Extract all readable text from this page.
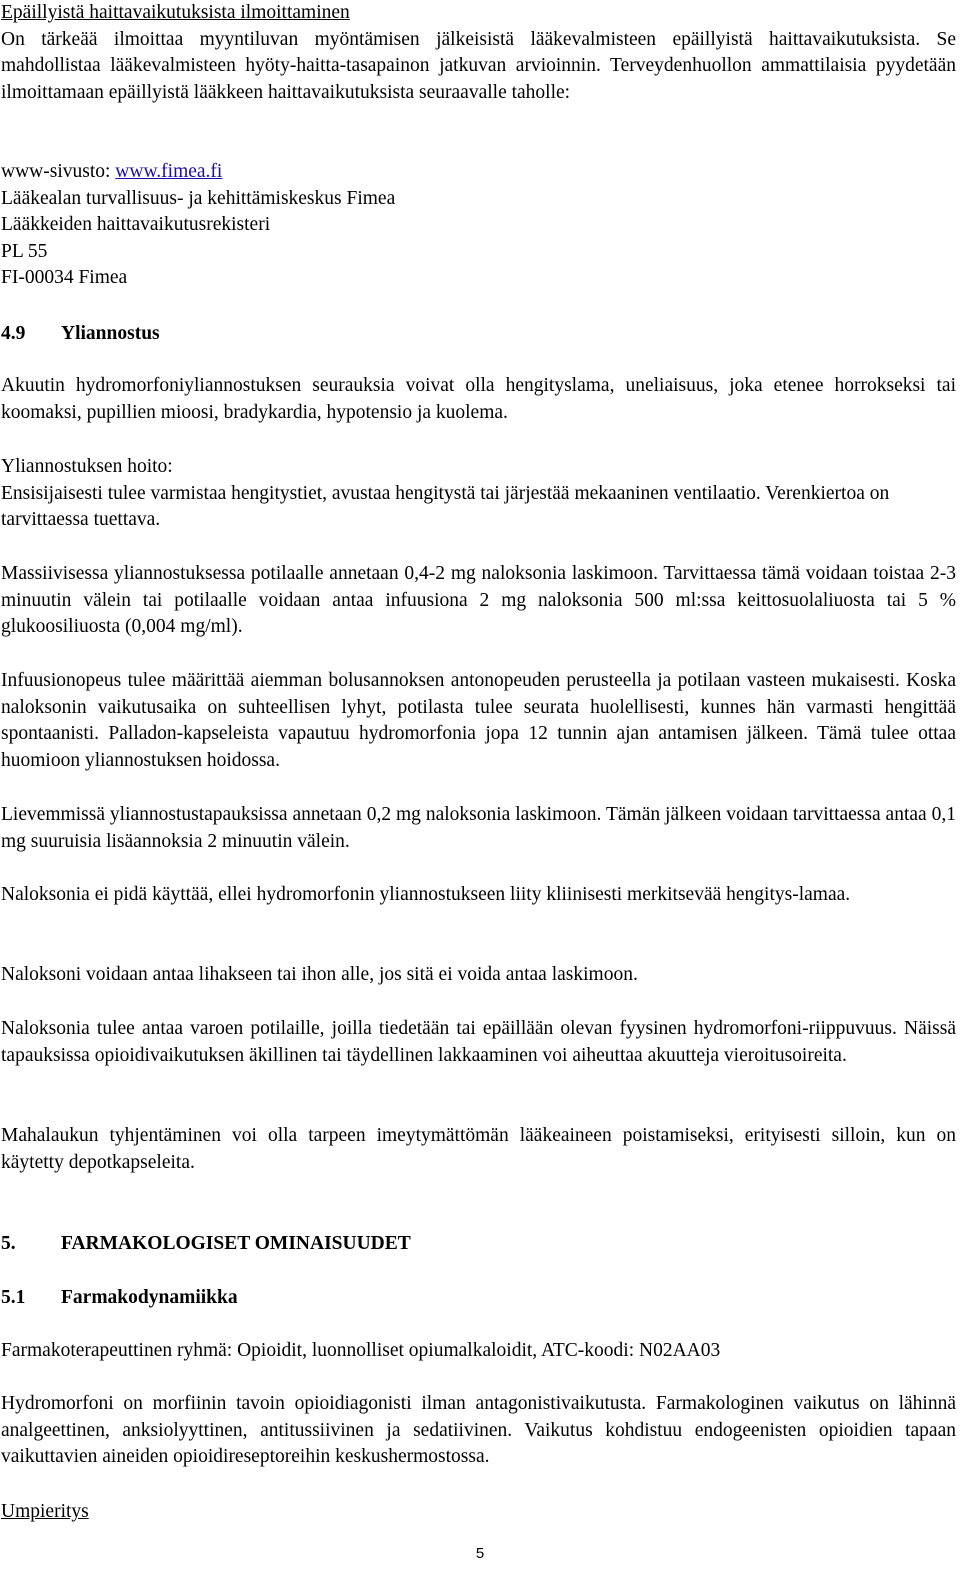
Epäillyistä haittavaikutuksista ilmoittaminen

On tärkeää ilmoittaa myyntiluvan myöntämisen jälkeisistä lääkevalmisteen epäillyistä haittavaikutuksista. Se mahdollistaa lääkevalmisteen hyöty-haitta-tasapainon jatkuvan arvioinnin. Terveydenhuollon ammattilaisia pyydetään ilmoittamaan epäillyistä lääkkeen haittavaikutuksista seuraavalle taholle:

www-sivusto: www.fimea.fi

Lääkealan turvallisuus- ja kehittämiskeskus Fimea

Lääkkeiden haittavaikutusrekisteri

PL 55

FI-00034 Fimea

4.9 Yliannostus
Akuutin hydromorfoniyliannostuksen seurauksia voivat olla hengityslama, uneliaisuus, joka etenee horrokseksi tai koomaksi, pupillien mioosi, bradykardia, hypotensio ja kuolema.

Yliannostuksen hoito:

Ensisijaisesti tulee varmistaa hengitystiet, avustaa hengitystä tai järjestää mekaaninen ventilaatio. Verenkiertoa on tarvittaessa tuettava.

Massiivisessa yliannostuksessa potilaalle annetaan 0,4-2 mg naloksonia laskimoon. Tarvittaessa tämä voidaan toistaa 2-3 minuutin välein tai potilaalle voidaan antaa infuusiona 2 mg naloksonia 500 ml:ssa keittosuolaliuosta tai 5 % glukoosiliuosta (0,004 mg/ml).
Infuusionopeus tulee määrittää aiemman bolusannoksen antonopeuden perusteella ja potilaan vasteen mukaisesti. Koska naloksonin vaikutusaika on suhteellisen lyhyt, potilasta tulee seurata huolellisesti, kunnes hän varmasti hengittää spontaanisti. Palladon-kapseleista vapautuu hydromorfonia jopa 12 tunnin ajan antamisen jälkeen. Tämä tulee ottaa huomioon yliannostuksen hoidossa.
Lievemmissä yliannostustapauksissa annetaan 0,2 mg naloksonia laskimoon. Tämän jälkeen voidaan tarvittaessa antaa 0,1 mg suuruisia lisäannoksia 2 minuutin välein.
Naloksonia ei pidä käyttää, ellei hydromorfonin yliannostukseen liity kliinisesti merkitsevää hengitys-lamaa.
Naloksoni voidaan antaa lihakseen tai ihon alle, jos sitä ei voida antaa laskimoon.
Naloksonia tulee antaa varoen potilaille, joilla tiedetään tai epäillään olevan fyysinen hydromorfoni-riippuvuus. Näissä tapauksissa opioidivaikutuksen äkillinen tai täydellinen lakkaaminen voi aiheuttaa akuutteja vieroitusoireita.
Mahalaukun tyhjentäminen voi olla tarpeen imeytymättömän lääkeaineen poistamiseksi, erityisesti silloin, kun on käytetty depotkapseleita.
5. FARMAKOLOGISET OMINAISUUDET
5.1 Farmakodynamiikka
Farmakoterapeuttinen ryhmä: Opioidit, luonnolliset opiumalkaloidit, ATC-koodi: N02AA03
Hydromorfoni on morfiinin tavoin opioidiagonisti ilman antagonistivaikutusta. Farmakologinen vaikutus on lähinnä analgeettinen, anksiolyyttinen, antitussiivinen ja sedatiivinen. Vaikutus kohdistuu endogeenisten opioidien tapaan vaikuttavien aineiden opioidireseptoreihin keskushermostossa.
Umpieritys
5
